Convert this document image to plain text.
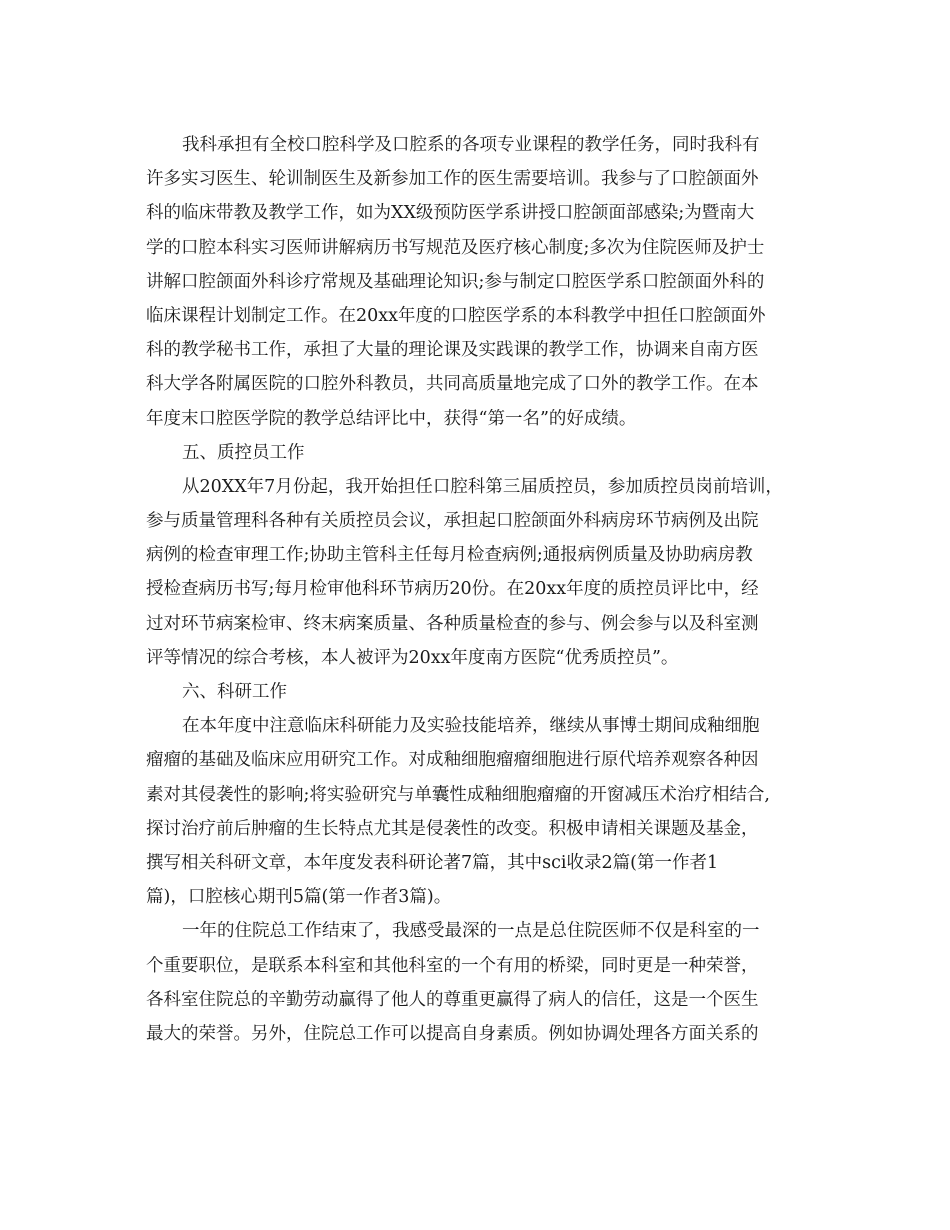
我科承担有全校口腔科学及口腔系的各项专业课程的教学任务，同时我科有
许多实习医生、轮训制医生及新参加工作的医生需要培训。我参与了口腔颌面外
科的临床带教及教学工作，如为XX级预防医学系讲授口腔颌面部感染;为暨南大
学的口腔本科实习医师讲解病历书写规范及医疗核心制度;多次为住院医师及护士
讲解口腔颌面外科诊疗常规及基础理论知识;参与制定口腔医学系口腔颌面外科的
临床课程计划制定工作。在20xx年度的口腔医学系的本科教学中担任口腔颌面外
科的教学秘书工作，承担了大量的理论课及实践课的教学工作，协调来自南方医
科大学各附属医院的口腔外科教员，共同高质量地完成了口外的教学工作。在本
年度末口腔医学院的教学总结评比中，获得“第一名”的好成绩。
五、质控员工作
从20XX年7月份起，我开始担任口腔科第三届质控员，参加质控员岗前培训，
参与质量管理科各种有关质控员会议，承担起口腔颌面外科病房环节病例及出院
病例的检查审理工作;协助主管科主任每月检查病例;通报病例质量及协助病房教
授检查病历书写;每月检审他科环节病历20份。在20xx年度的质控员评比中，经
过对环节病案检审、终末病案质量、各种质量检查的参与、例会参与以及科室测
评等情况的综合考核，本人被评为20xx年度南方医院“优秀质控员”。
六、科研工作
在本年度中注意临床科研能力及实验技能培养，继续从事博士期间成釉细胞
瘤瘤的基础及临床应用研究工作。对成釉细胞瘤瘤细胞进行原代培养观察各种因
素对其侵袭性的影响;将实验研究与单囊性成釉细胞瘤瘤的开窗减压术治疗相结合,
探讨治疗前后肿瘤的生长特点尤其是侵袭性的改变。积极申请相关课题及基金，
撰写相关科研文章，本年度发表科研论著7篇，其中sci收录2篇(第一作者1
篇)，口腔核心期刊5篇(第一作者3篇)。
一年的住院总工作结束了，我感受最深的一点是总住院医师不仅是科室的一
个重要职位，是联系本科室和其他科室的一个有用的桥梁，同时更是一种荣誉，
各科室住院总的辛勤劳动赢得了他人的尊重更赢得了病人的信任，这是一个医生
最大的荣誉。另外，住院总工作可以提高自身素质。例如协调处理各方面关系的
